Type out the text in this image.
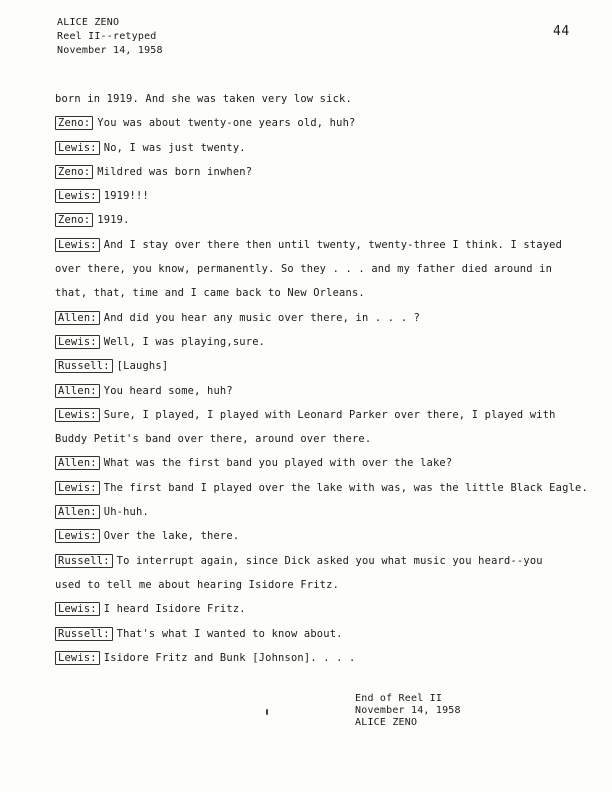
ALICE ZENO
Reel II--retyped
November 14, 1958
44
born in 1919. And she was taken very low sick.
Zeno: You was about twenty-one years old, huh?
Lewis: No, I was just twenty.
Zeno: Mildred was born inwhen?
Lewis: 1919!!!
Zeno: 1919.
Lewis: And I stay over there then until twenty, twenty-three I think. I stayed
over there, you know, permanently. So they . . . and my father died around in
that, that, time and I came back to New Orleans.
Allen: And did you hear any music over there, in . . . ?
Lewis: Well, I was playing,sure.
Russell: [Laughs]
Allen: You heard some, huh?
Lewis: Sure, I played, I played with Leonard Parker over there, I played with
Buddy Petit's band over there, around over there.
Allen: What was the first band you played with over the lake?
Lewis: The first band I played over the lake with was, was the little Black Eagle.
Allen: Uh-huh.
Lewis: Over the lake, there.
Russell: To interrupt again, since Dick asked you what music you heard--you
used to tell me about hearing Isidore Fritz.
Lewis: I heard Isidore Fritz.
Russell: That's what I wanted to know about.
Lewis: Isidore Fritz and Bunk [Johnson]. . . .
End of Reel II
November 14, 1958
ALICE ZENO
